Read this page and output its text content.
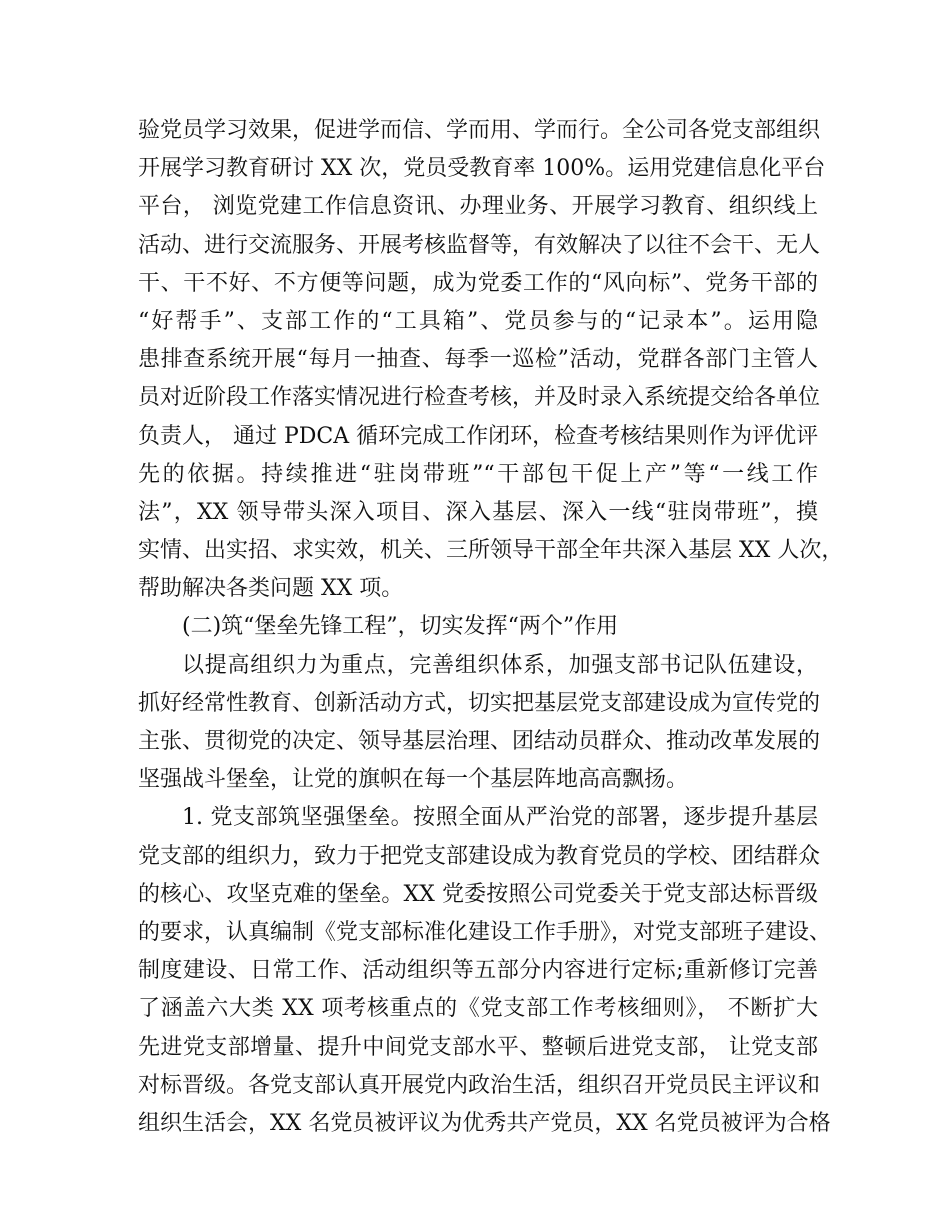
验党员学习效果，促进学而信、学而用、学而行。全公司各党支部组织
开展学习教育研讨 XX 次，党员受教育率 100%。运用党建信息化平台
平台， 浏览党建工作信息资讯、办理业务、开展学习教育、组织线上
活动、进行交流服务、开展考核监督等，有效解决了以往不会干、无人
干、干不好、不方便等问题，成为党委工作的“风向标”、党务干部的
“好帮手”、支部工作的“工具箱”、党员参与的“记录本”。运用隐
患排查系统开展“每月一抽查、每季一巡检”活动，党群各部门主管人
员对近阶段工作落实情况进行检查考核，并及时录入系统提交给各单位
负责人， 通过 PDCA 循环完成工作闭环，检查考核结果则作为评优评
先的依据。持续推进“驻岗带班”“干部包干促上产”等“一线工作
法”，XX 领导带头深入项目、深入基层、深入一线“驻岗带班”，摸
实情、出实招、求实效，机关、三所领导干部全年共深入基层 XX 人次，
帮助解决各类问题 XX 项。
(二)筑“堡垒先锋工程”，切实发挥“两个”作用
以提高组织力为重点，完善组织体系，加强支部书记队伍建设，
抓好经常性教育、创新活动方式，切实把基层党支部建设成为宣传党的
主张、贯彻党的决定、领导基层治理、团结动员群众、推动改革发展的
坚强战斗堡垒，让党的旗帜在每一个基层阵地高高飘扬。
1. 党支部筑坚强堡垒。按照全面从严治党的部署，逐步提升基层
党支部的组织力，致力于把党支部建设成为教育党员的学校、团结群众
的核心、攻坚克难的堡垒。XX 党委按照公司党委关于党支部达标晋级
的要求，认真编制《党支部标准化建设工作手册》，对党支部班子建设、
制度建设、日常工作、活动组织等五部分内容进行定标;重新修订完善
了涵盖六大类 XX 项考核重点的《党支部工作考核细则》， 不断扩大
先进党支部增量、提升中间党支部水平、整顿后进党支部， 让党支部
对标晋级。各党支部认真开展党内政治生活，组织召开党员民主评议和
组织生活会，XX 名党员被评议为优秀共产党员，XX 名党员被评为合格
